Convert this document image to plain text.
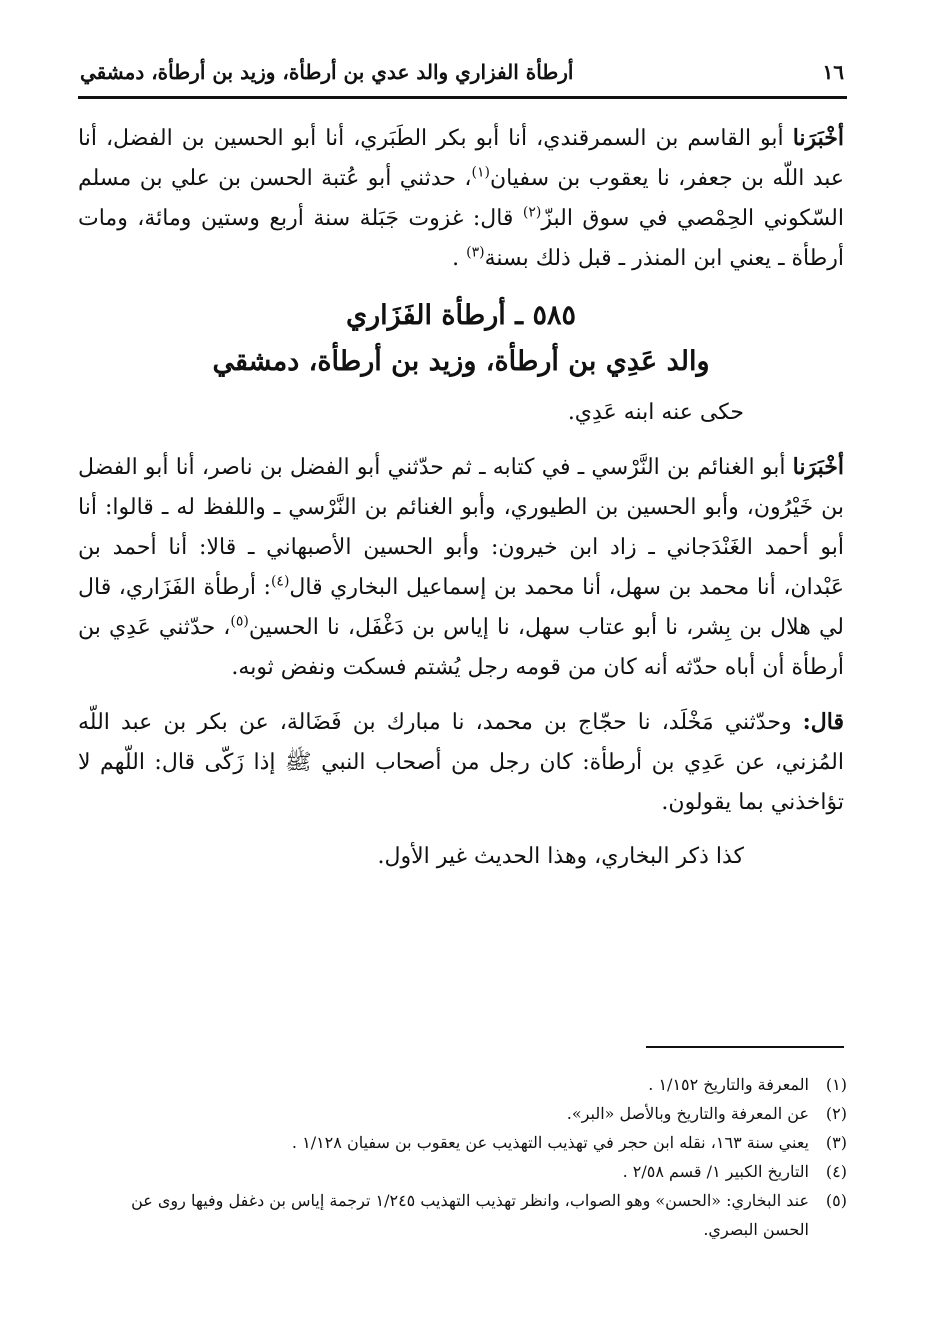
١٦
أرطأة الفزاري والد عدي بن أرطأة، وزيد بن أرطأة، دمشقي

أخْبَرَنا أبو القاسم بن السمرقندي، أنا أبو بكر الطَبَري، أنا أبو الحسين بن الفضل، أنا عبد اللّه بن جعفر، نا يعقوب بن سفيان$^{(١)}$، حدثني أبو عُتبة الحسن بن علي بن مسلم السّكوني الحِمْصي في سوق البزّ$^{(٢)}$ قال: غزوت جَبَلة سنة أربع وستين ومائة، ومات أرطأة ـ يعني ابن المنذر ـ قبل ذلك بسنة$^{(٣)}$ .

٥٨٥ ـ أرطأة الفَزَاري
والد عَدِي بن أرطأة، وزيد بن أرطأة، دمشقي

حكى عنه ابنه عَدِي.

أخْبَرَنا أبو الغنائم بن النَّرْسي ـ في كتابه ـ ثم حدّثني أبو الفضل بن ناصر، أنا أبو الفضل بن خَيْرُون، وأبو الحسين بن الطيوري، وأبو الغنائم بن النَّرْسي ـ واللفظ له ـ قالوا: أنا أبو أحمد الغَنْدَجاني ـ زاد ابن خيرون: وأبو الحسين الأصبهاني ـ قالا: أنا أحمد بن عَبْدان، أنا محمد بن سهل، أنا محمد بن إسماعيل البخاري قال$^{(٤)}$: أرطأة الفَزَاري، قال لي هلال بن بِشر، نا أبو عتاب سهل، نا إياس بن دَغْفَل، نا الحسين$^{(٥)}$، حدّثني عَدِي بن أرطأة أن أباه حدّثه أنه كان من قومه رجل يُشتم فسكت ونفض ثوبه.

قال: وحدّثني مَخْلَد، نا حجّاج بن محمد، نا مبارك بن فَضَالة، عن بكر بن عبد اللّه المُزني، عن عَدِي بن أرطأة: كان رجل من أصحاب النبي ﷺ إذا زَكّى قال: اللّهم لا تؤاخذني بما يقولون.

كذا ذكر البخاري، وهذا الحديث غير الأول.

(١)
المعرفة والتاريخ ١/١٥٢ .
(٢)
عن المعرفة والتاريخ وبالأصل «البر».
(٣)
يعني سنة ١٦٣، نقله ابن حجر في تهذيب التهذيب عن يعقوب بن سفيان ١/١٢٨ .
(٤)
التاريخ الكبير ١/ قسم ٢/٥٨ .
(٥)
عند البخاري: «الحسن» وهو الصواب، وانظر تهذيب التهذيب ١/٢٤٥ ترجمة إياس بن دغفل وفيها روى عن الحسن البصري.
